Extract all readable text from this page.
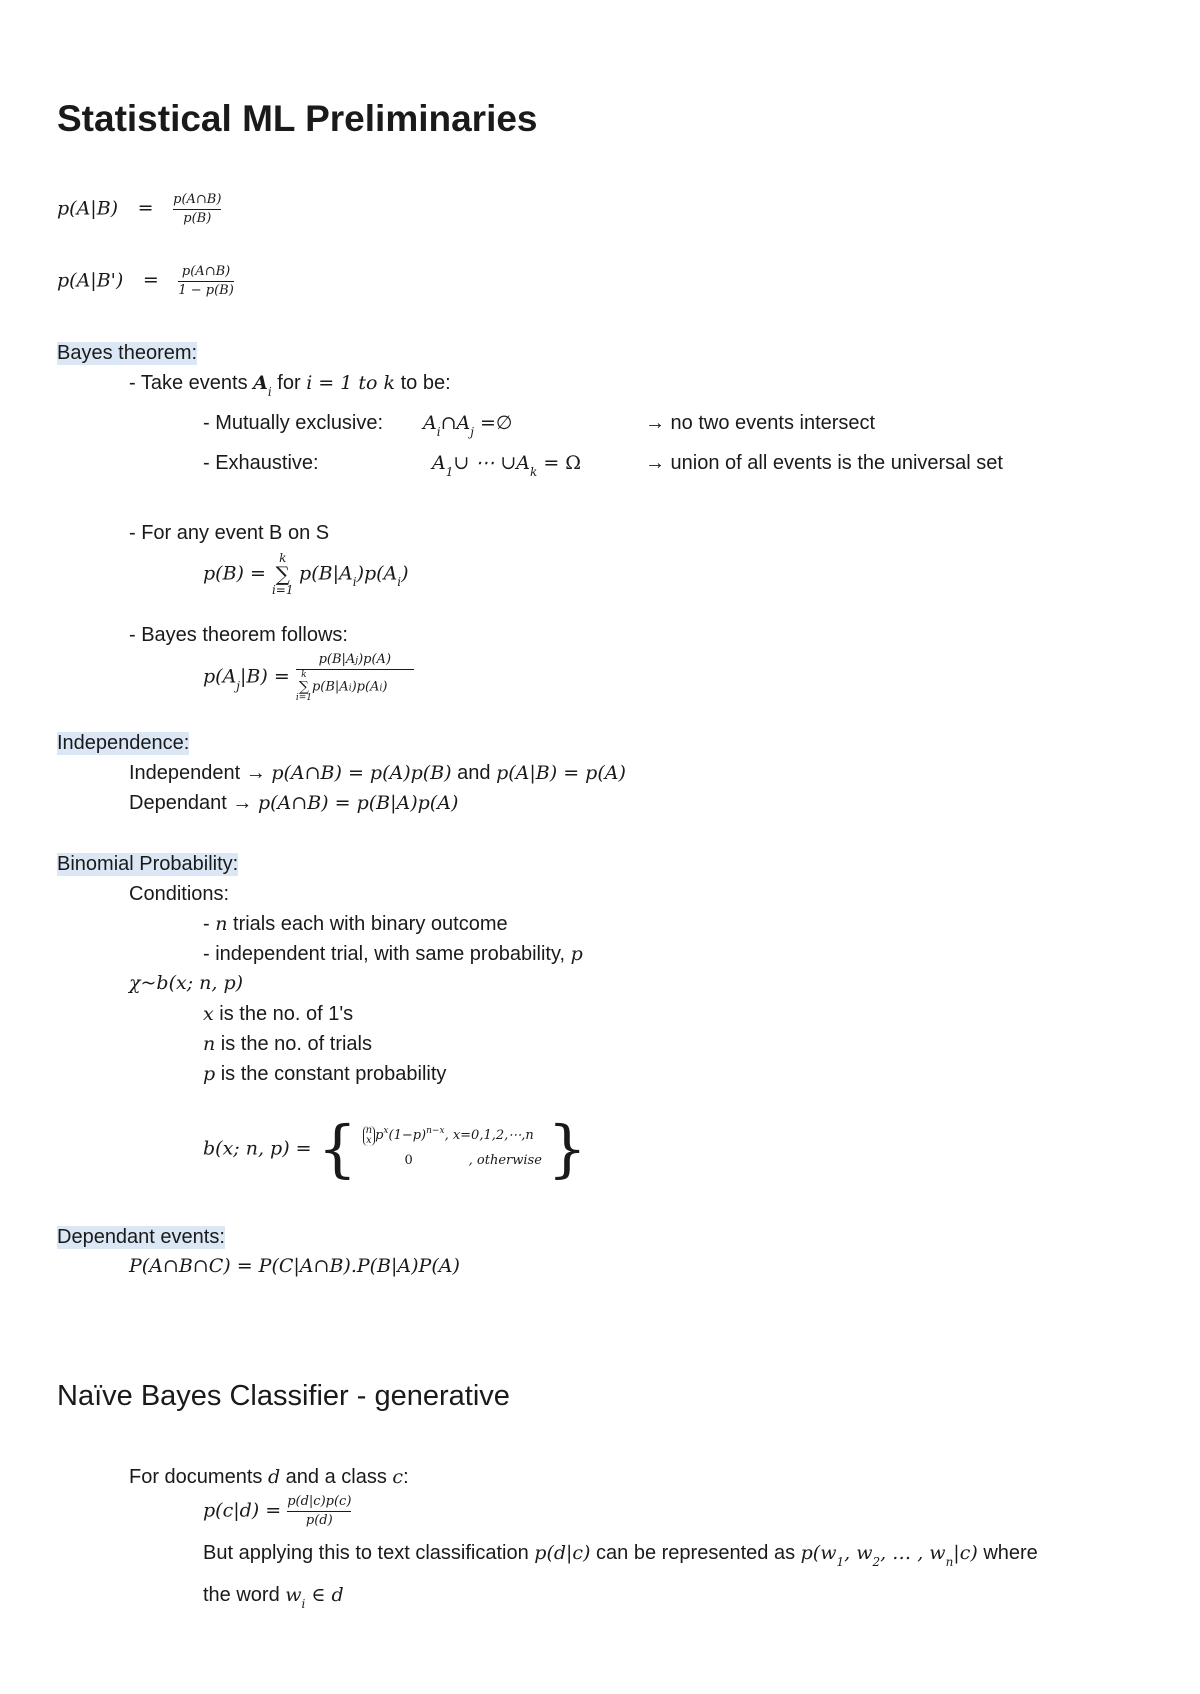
Statistical ML Preliminaries
$p(A|B) = \frac{p(A\cap B)}{p(B)}$
$p(A|B') = \frac{p(A\cap B)}{1 - p(B)}$
Bayes theorem:
- Take events $A_i$ for i = 1 to k to be:
- Mutually exclusive: $A_i\cap A_j$ =∅	→ no two events intersect
- Exhaustive:	$A_1\cup$ ⋯ $\cup A_k = \Omega$	→ union of all events is the universal set
- For any event B on S
p(B) =
k
∑
i=1
$p(B|A_i)p(A_i)$
- Bayes theorem follows:
$p(A_j|B) = p(B|Aj)p(A)$
k
∑
i=1
p(B|Ai)p(Ai)
Independence:
Independent → p(A∩B) = p(A)p(B) and p(A|B) = p(A)
Dependant → p(A∩B) = p(B|A)p(A)
Binomial Probability:
Conditions:
- n trials each with binary outcome
- independent trial, with same probability, p
χ~b(x; n, p)
x is the no. of 1's
n is the no. of trials
p is the constant probability
b(x; n, p) = { n
x $p^x(1-p)^{n-x}$, x=0,1,2,⋯,n
0	, otherwise }
Dependant events:
P(A∩B∩C) = P(C|A∩B).P(B|A)P(A)
Naïve Bayes Classifier - generative
For documents d and a class c:
$p(c|d) = \frac{p(d|c)p(c)}{p(d)}$
But applying this to text classification p(d|c) can be represented as $p(w_1$, $w_2$, … , $w_n|c$) where
the word $w_i$ ∈ d
